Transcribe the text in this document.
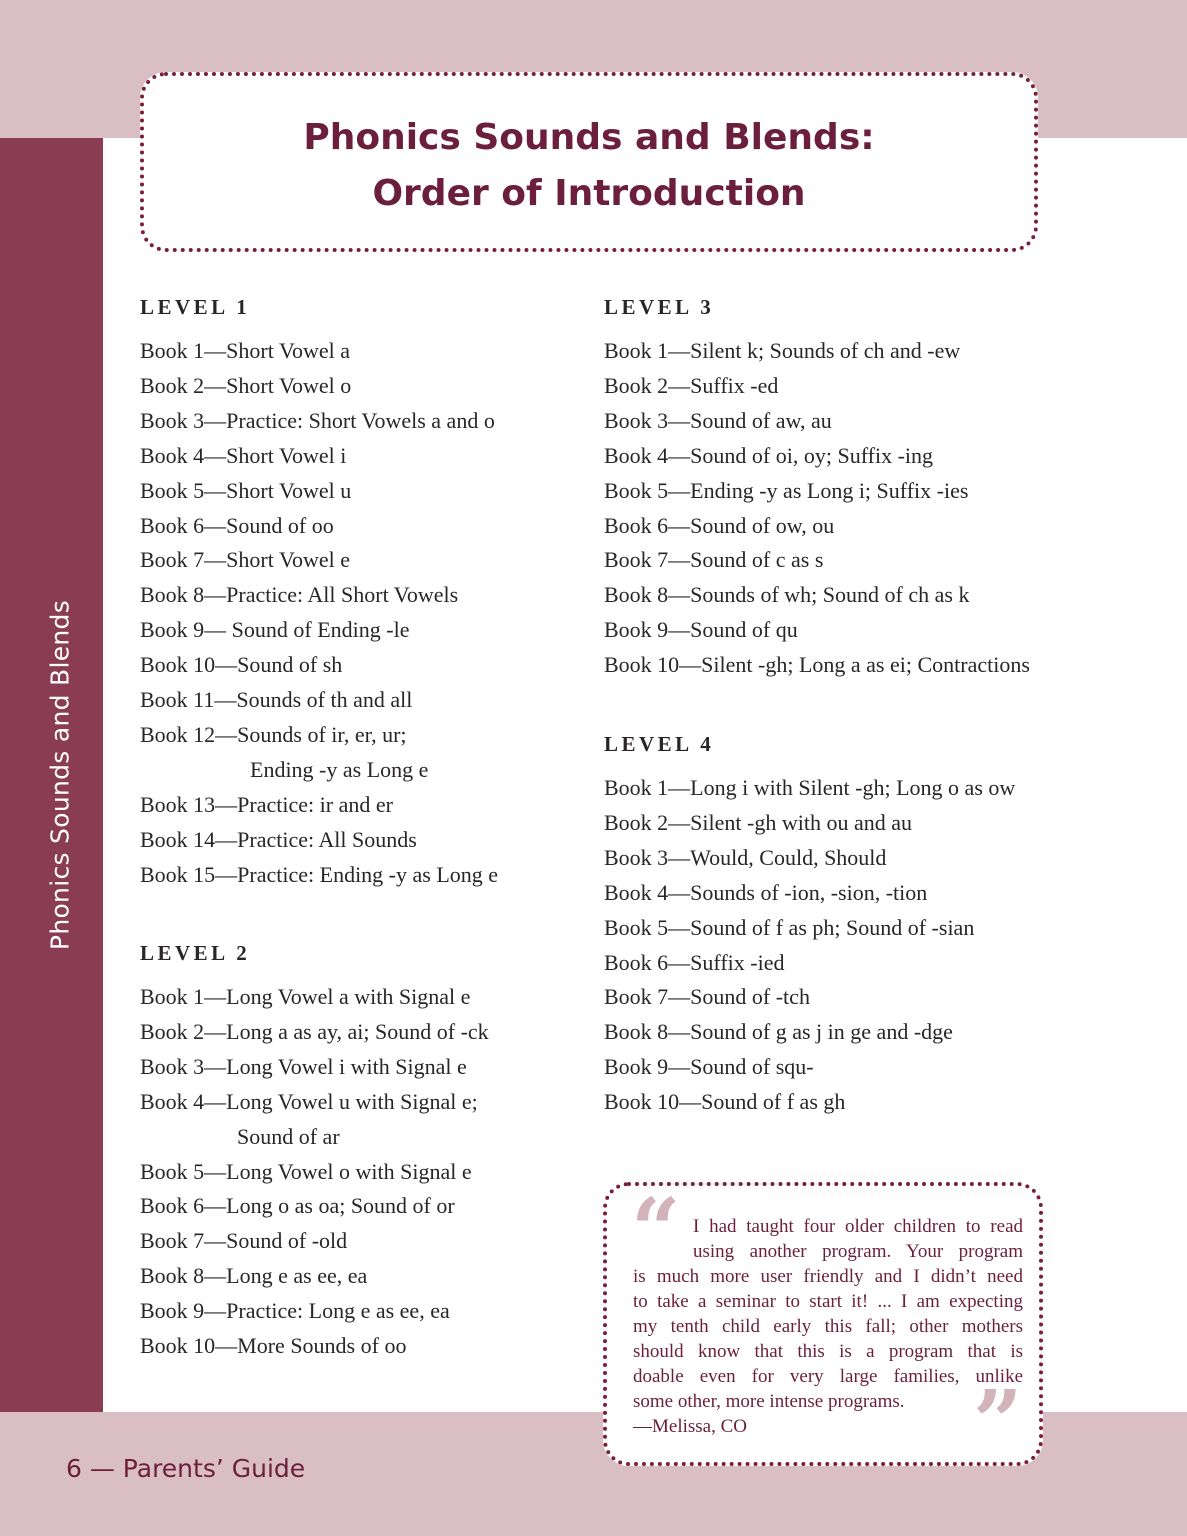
Phonics Sounds and Blends
6 — Parents’ Guide
Phonics Sounds and Blends:
Order of Introduction
LEVEL 1
Book 1—Short Vowel a
Book 2—Short Vowel o
Book 3—Practice: Short Vowels a and o
Book 4—Short Vowel i
Book 5—Short Vowel u
Book 6—Sound of oo
Book 7—Short Vowel e
Book 8—Practice: All Short Vowels
Book 9— Sound of Ending -le
Book 10—Sound of sh
Book 11—Sounds of th and all
Book 12—Sounds of ir, er, ur;
Ending -y as Long e
Book 13—Practice: ir and er
Book 14—Practice: All Sounds
Book 15—Practice: Ending -y as Long e
LEVEL 2
Book 1—Long Vowel a with Signal e
Book 2—Long a as ay, ai; Sound of -ck
Book 3—Long Vowel i with Signal e
Book 4—Long Vowel u with Signal e;
Sound of ar
Book 5—Long Vowel o with Signal e
Book 6—Long o as oa; Sound of or
Book 7—Sound of -old
Book 8—Long e as ee, ea
Book 9—Practice: Long e as ee, ea
Book 10—More Sounds of oo
LEVEL 3
Book 1—Silent k; Sounds of ch and -ew
Book 2—Suffix -ed
Book 3—Sound of aw, au
Book 4—Sound of oi, oy; Suffix -ing
Book 5—Ending -y as Long i; Suffix -ies
Book 6—Sound of ow, ou
Book 7—Sound of c as s
Book 8—Sounds of wh; Sound of ch as k
Book 9—Sound of qu
Book 10—Silent -gh; Long a as ei; Contractions
LEVEL 4
Book 1—Long i with Silent -gh; Long o as ow
Book 2—Silent -gh with ou and au
Book 3—Would, Could, Should
Book 4—Sounds of -ion, -sion, -tion
Book 5—Sound of f as ph; Sound of -sian
Book 6—Suffix -ied
Book 7—Sound of -tch
Book 8—Sound of g as j in ge and -dge
Book 9—Sound of squ-
Book 10—Sound of f as gh
“ I had taught four older children to read
using another program. Your program
is much more user friendly and I didn’t need
to take a seminar to start it! ... I am expecting
my tenth child early this fall; other mothers
should know that this is a program that is
doable even for very large families, unlike
some other, more intense programs.
—Melissa, CO	”
